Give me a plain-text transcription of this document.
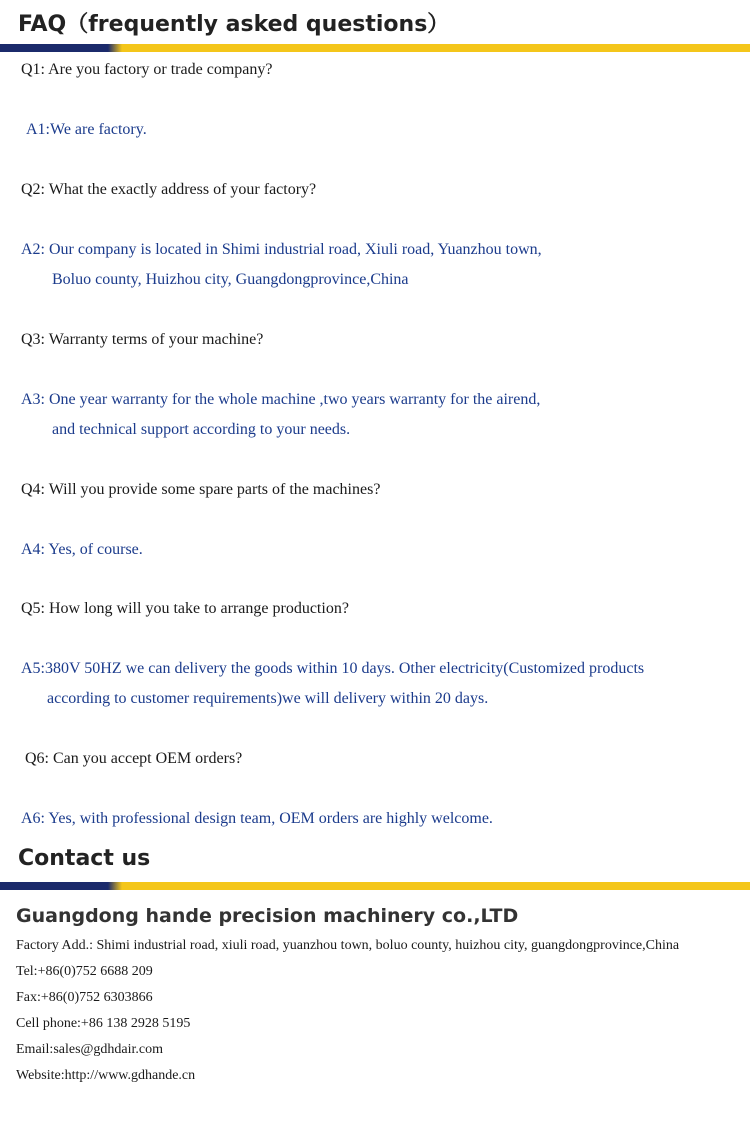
FAQ（frequently asked questions）

Q1: Are you factory or trade company?

A1:We are factory.

Q2: What the exactly address of your factory?

A2: Our company is located in Shimi industrial road, Xiuli road, Yuanzhou town,

Boluo county, Huizhou city, Guangdongprovince,China

Q3: Warranty terms of your machine?

A3: One year warranty for the whole machine ,two years warranty for the airend,

and technical support according to your needs.

Q4: Will you provide some spare parts of the machines?

A4: Yes, of course.

Q5: How long will you take to arrange production?

A5:380V 50HZ we can delivery the goods within 10 days. Other electricity(Customized products

according to customer requirements)we will delivery within 20 days.

Q6: Can you accept OEM orders?

A6: Yes, with professional design team, OEM orders are highly welcome.

Contact us

Guangdong hande precision machinery co.,LTD

Factory Add.: Shimi industrial road, xiuli road, yuanzhou town, boluo county, huizhou city, guangdongprovince,China

Tel:+86(0)752 6688 209

Fax:+86(0)752 6303866

Cell phone:+86 138 2928 5195

Email:sales@gdhdair.com

Website:http://www.gdhande.cn
